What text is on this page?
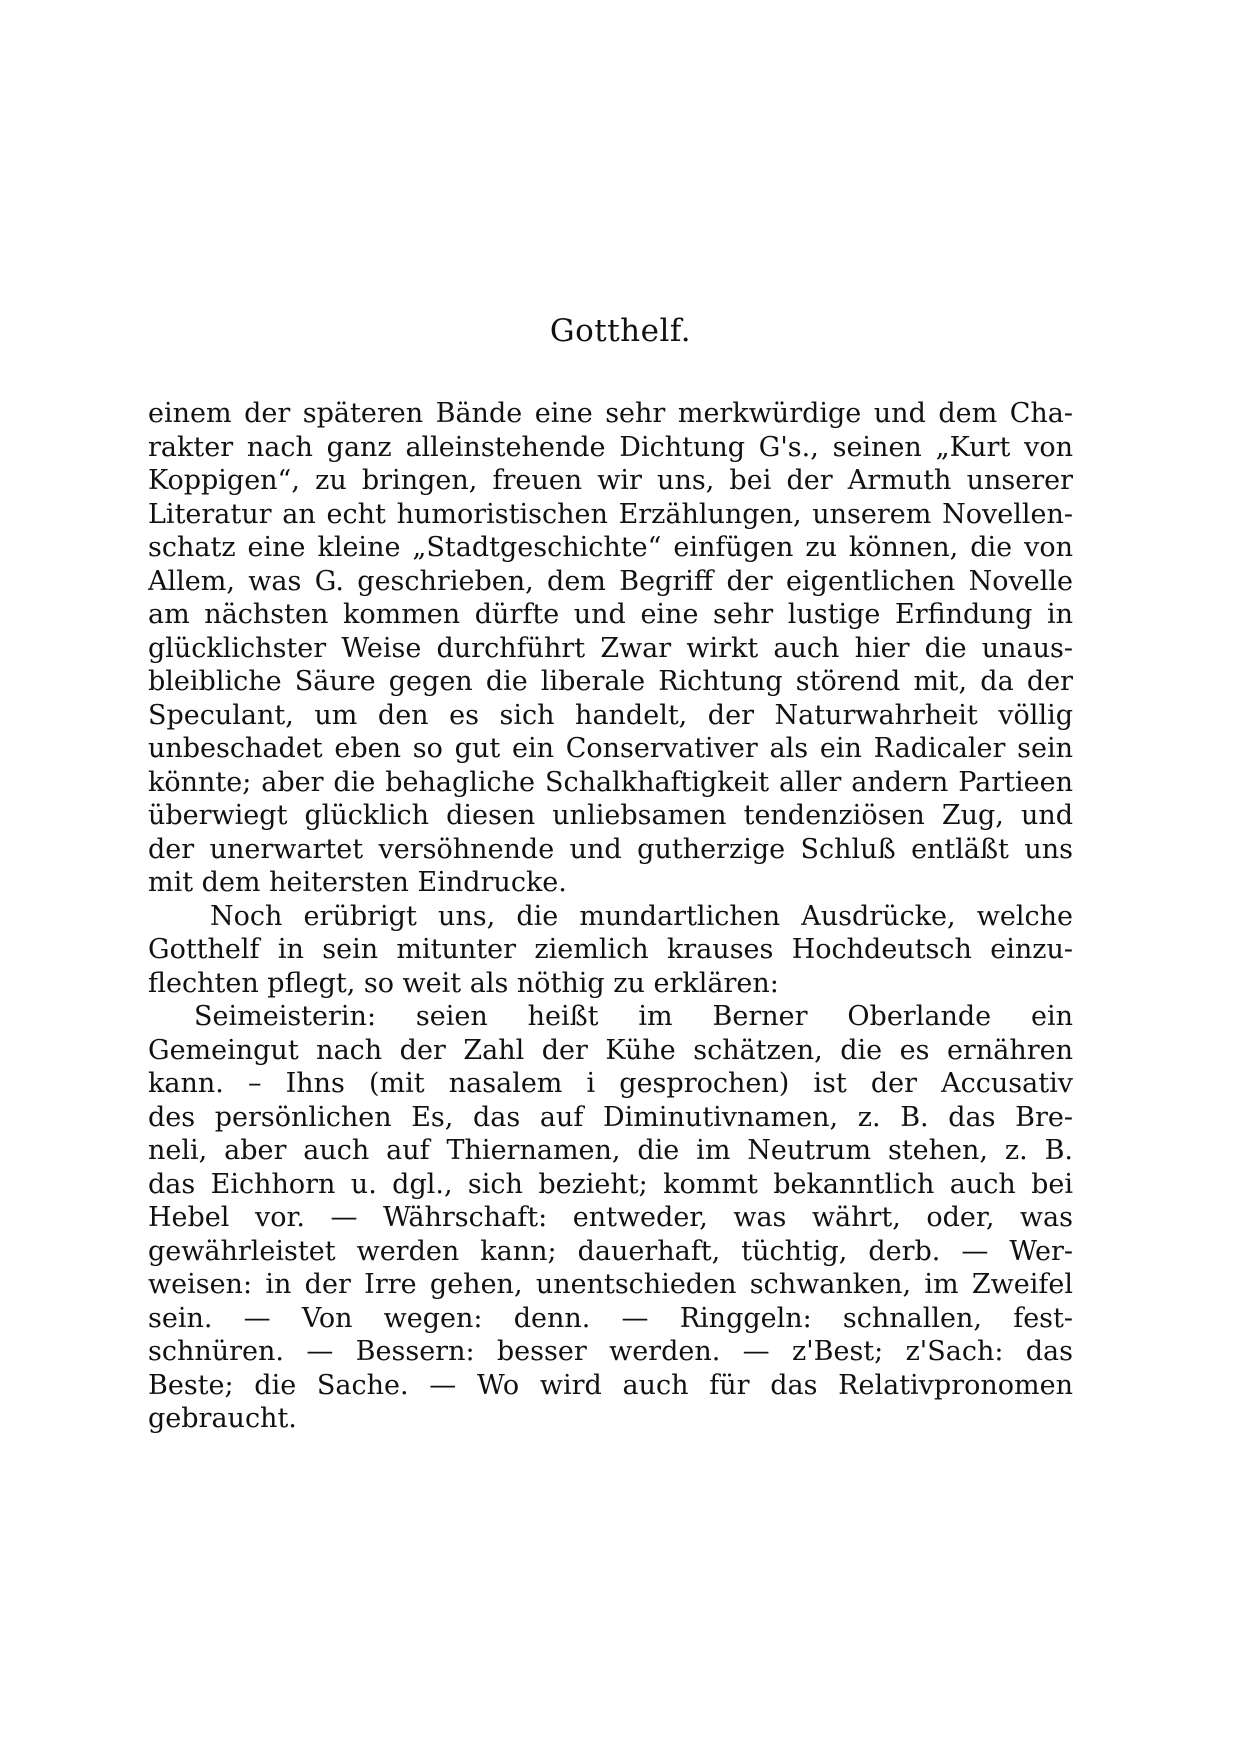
Gotthelf.
einem der späteren Bände eine sehr merkwürdige und dem Cha-
rakter nach ganz alleinstehende Dichtung G's., seinen „Kurt von
Koppigen“, zu bringen, freuen wir uns, bei der Armuth unserer
Literatur an echt humoristischen Erzählungen, unserem Novellen-
schatz eine kleine „Stadtgeschichte“ einfügen zu können, die von
Allem, was G. geschrieben, dem Begriff der eigentlichen Novelle
am nächsten kommen dürfte und eine sehr lustige Erfindung in
glücklichster Weise durchführt Zwar wirkt auch hier die unaus-
bleibliche Säure gegen die liberale Richtung störend mit, da der
Speculant, um den es sich handelt, der Naturwahrheit völlig
unbeschadet eben so gut ein Conservativer als ein Radicaler sein
könnte; aber die behagliche Schalkhaftigkeit aller andern Partieen
überwiegt glücklich diesen unliebsamen tendenziösen Zug, und
der unerwartet versöhnende und gutherzige Schluß entläßt uns
mit dem heitersten Eindrucke.
Noch erübrigt uns, die mundartlichen Ausdrücke, welche
Gotthelf in sein mitunter ziemlich krauses Hochdeutsch einzu-
flechten pflegt, so weit als nöthig zu erklären:
Seimeisterin: seien heißt im Berner Oberlande ein
Gemeingut nach der Zahl der Kühe schätzen, die es ernähren
kann. – Ihns (mit nasalem i gesprochen) ist der Accusativ
des persönlichen Es, das auf Diminutivnamen, z. B. das Bre-
neli, aber auch auf Thiernamen, die im Neutrum stehen, z. B.
das Eichhorn u. dgl., sich bezieht; kommt bekanntlich auch bei
Hebel vor. — Währschaft: entweder, was währt, oder, was
gewährleistet werden kann; dauerhaft, tüchtig, derb. — Wer-
weisen: in der Irre gehen, unentschieden schwanken, im Zweifel
sein. — Von wegen: denn. — Ringgeln: schnallen, fest-
schnüren. — Bessern: besser werden. — z'Best; z'Sach: das
Beste; die Sache. — Wo wird auch für das Relativpronomen
gebraucht.
